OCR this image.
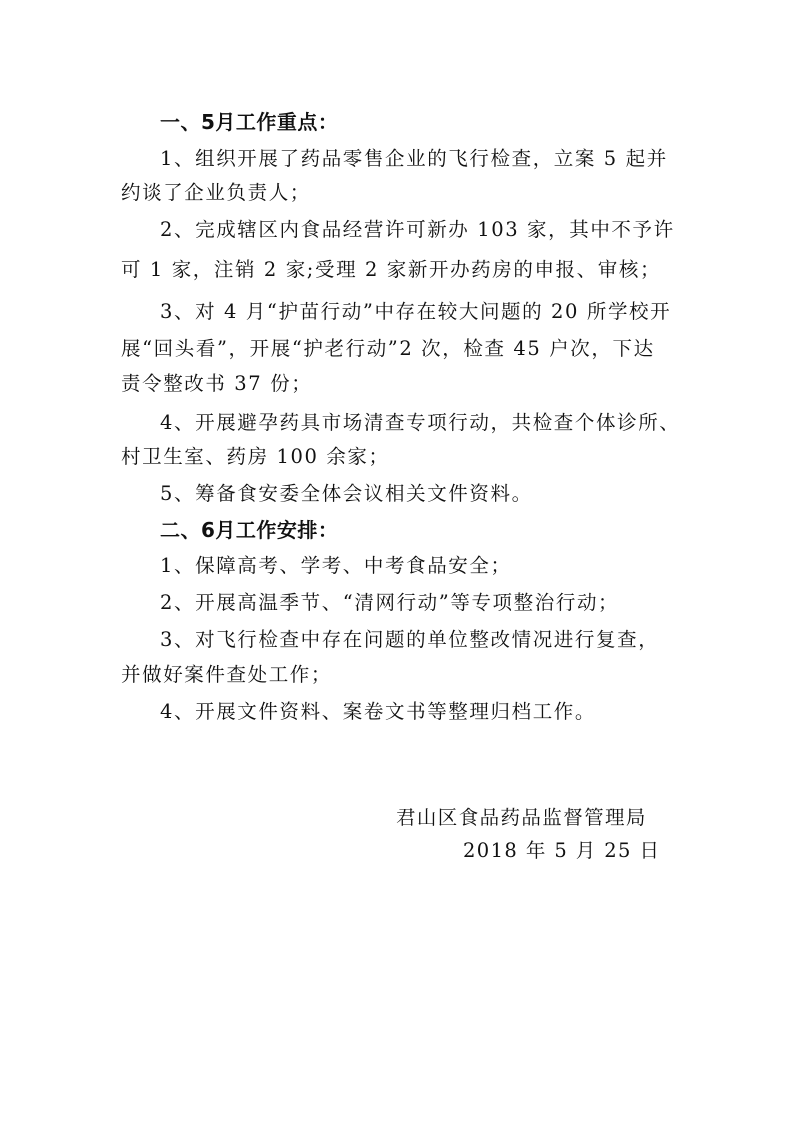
一、5月工作重点：
1、组织开展了药品零售企业的飞行检查，立案 5 起并
约谈了企业负责人；
2、完成辖区内食品经营许可新办 103 家，其中不予许
可 1 家，注销 2 家;受理 2 家新开办药房的申报、审核；
3、对 4 月“护苗行动”中存在较大问题的 20 所学校开
展“回头看”，开展“护老行动”2 次，检查 45 户次，下达
责令整改书 37 份；
4、开展避孕药具市场清查专项行动，共检查个体诊所、
村卫生室、药房 100 余家；
5、筹备食安委全体会议相关文件资料。
二、6月工作安排：
1、保障高考、学考、中考食品安全；
2、开展高温季节、“清网行动”等专项整治行动；
3、对飞行检查中存在问题的单位整改情况进行复查，
并做好案件查处工作；
4、开展文件资料、案卷文书等整理归档工作。
君山区食品药品监督管理局
2018 年 5 月 25 日
